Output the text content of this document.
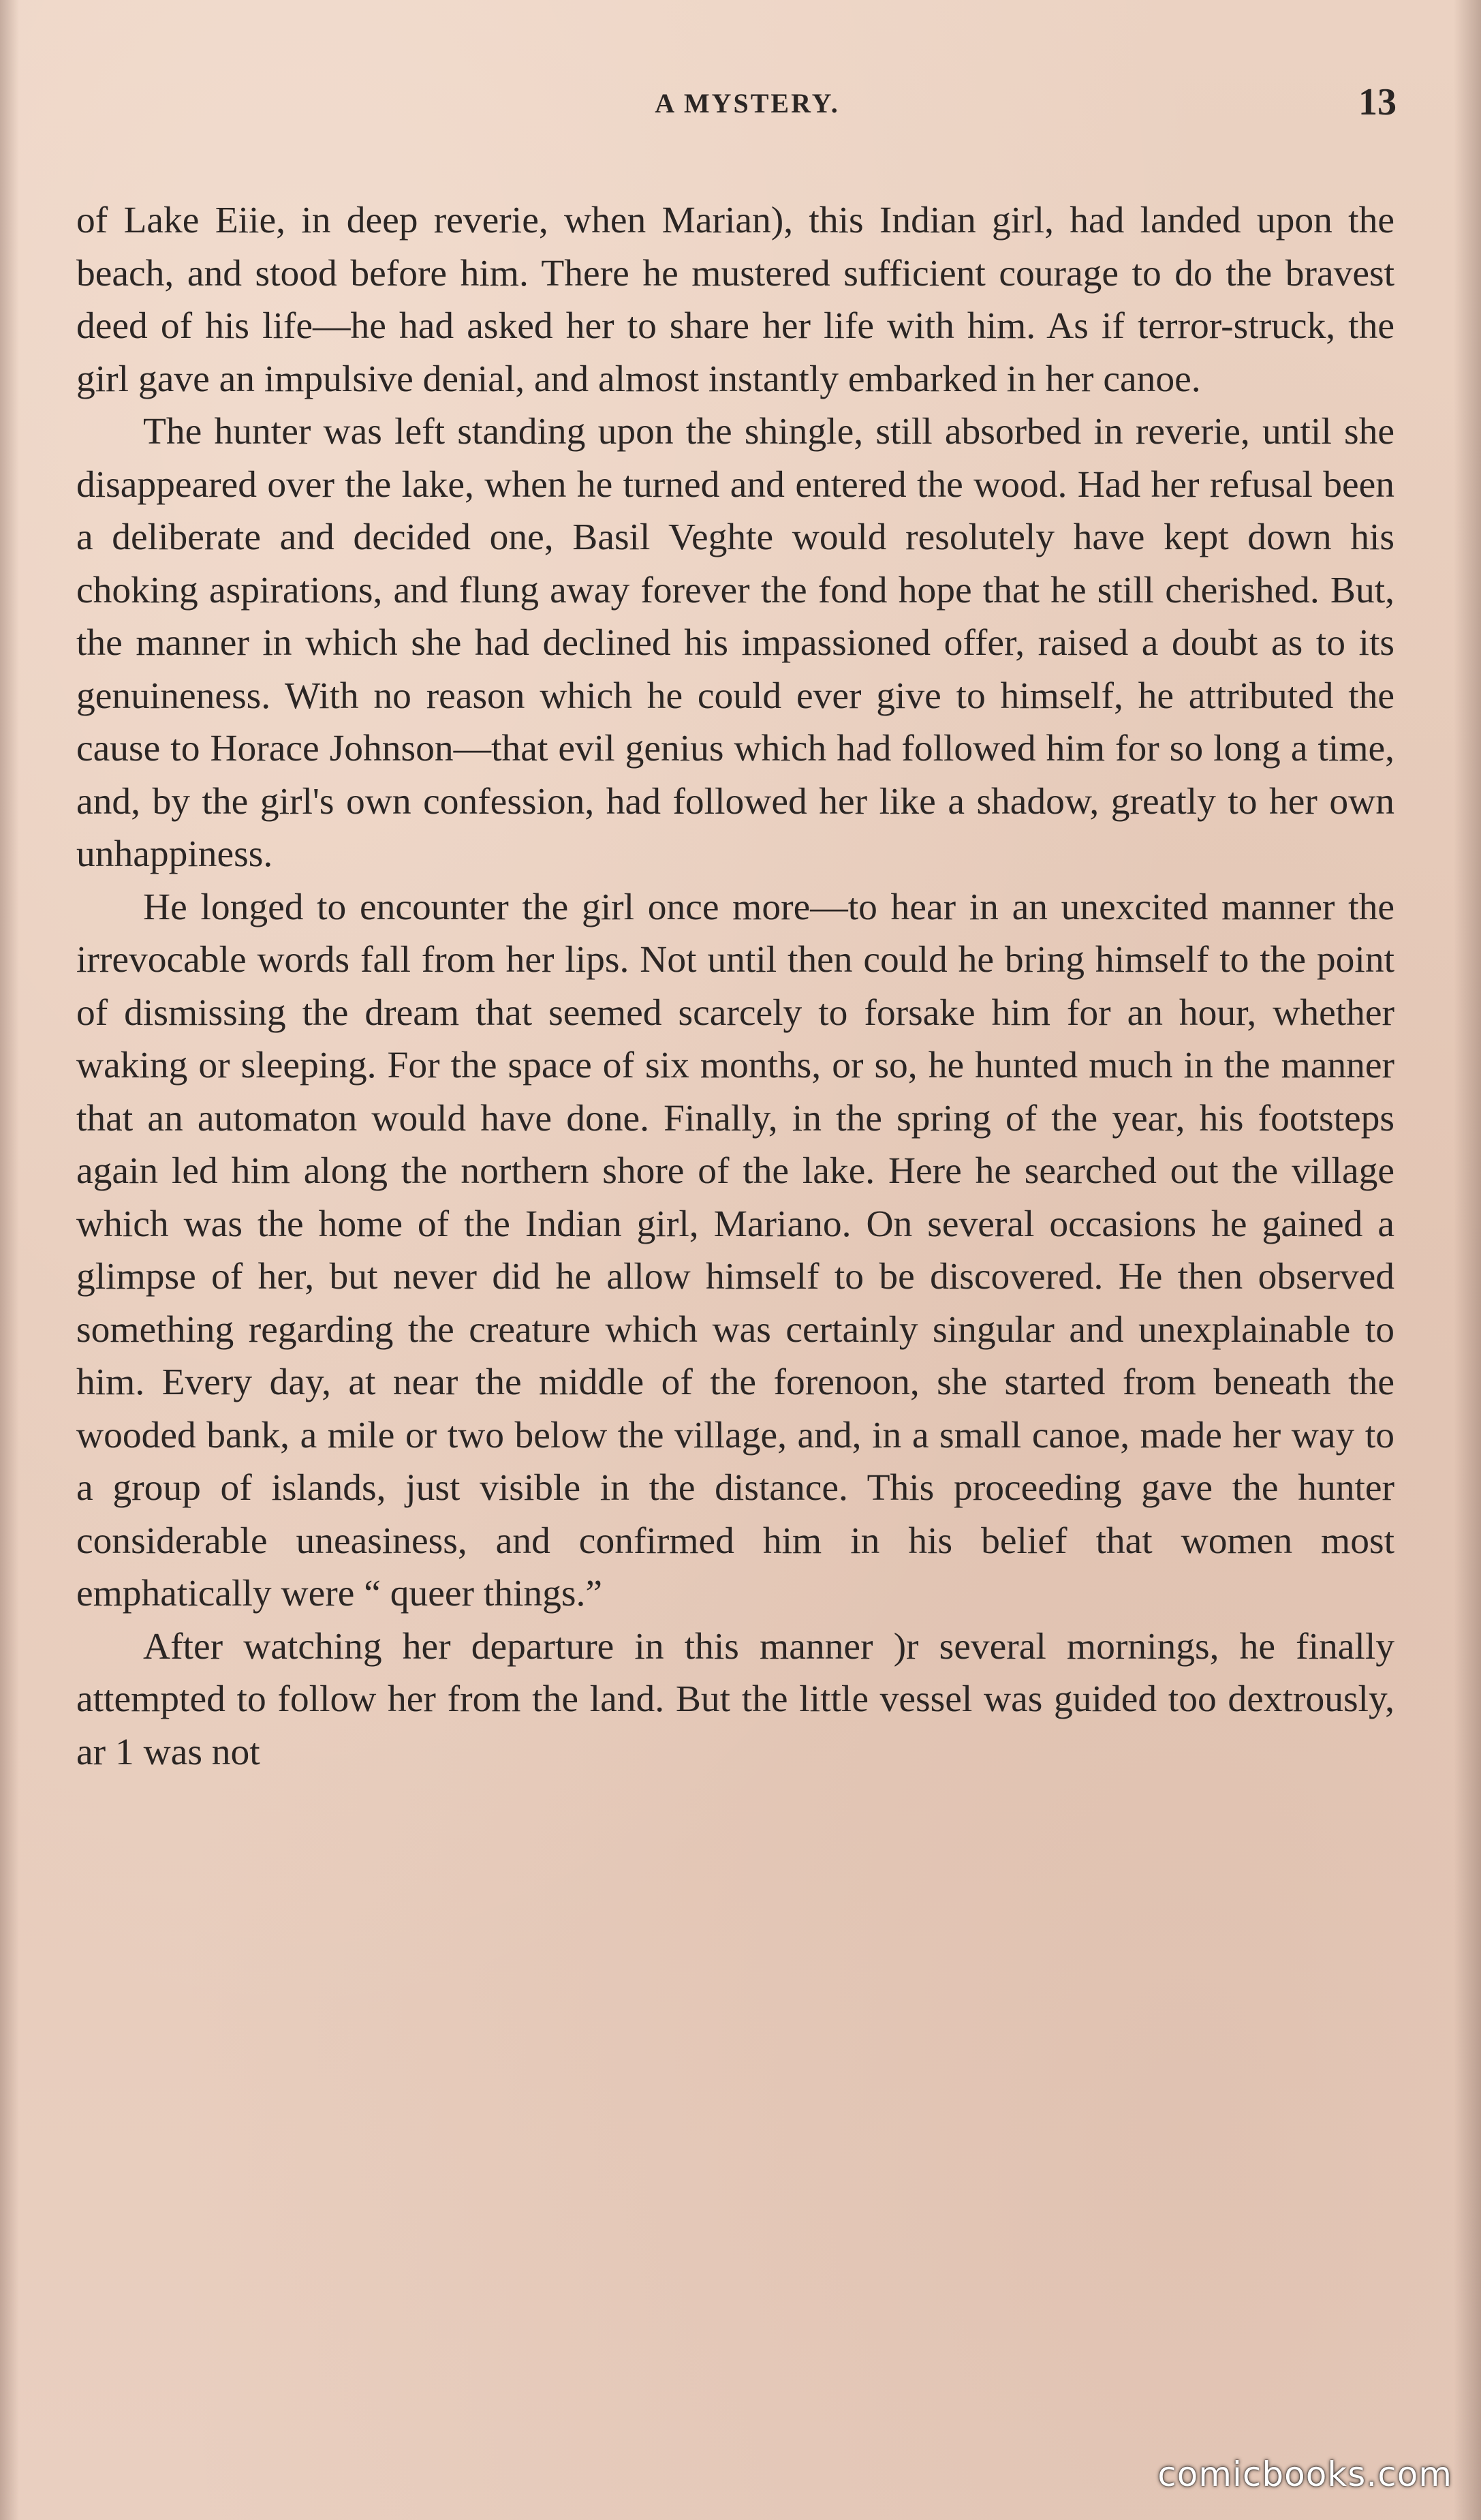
A MYSTERY.	13

of Lake Eiie, in deep reverie, when Marian), this Indian girl, had landed upon the beach, and stood before him. There he mustered sufficient courage to do the bravest deed of his life—he had asked her to share her life with him. As if terror-struck, the girl gave an impulsive denial, and almost instantly embarked in her canoe.

The hunter was left standing upon the shingle, still absorbed in reverie, until she disappeared over the lake, when he turned and entered the wood. Had her refusal been a deliberate and decided one, Basil Veghte would resolutely have kept down his choking aspirations, and flung away forever the fond hope that he still cherished. But, the manner in which she had declined his impassioned offer, raised a doubt as to its genuineness. With no reason which he could ever give to himself, he attributed the cause to Horace Johnson—that evil genius which had followed him for so long a time, and, by the girl's own confession, had followed her like a shadow, greatly to her own unhappiness.

He longed to encounter the girl once more—to hear in an unexcited manner the irrevocable words fall from her lips. Not until then could he bring himself to the point of dismissing the dream that seemed scarcely to forsake him for an hour, whether waking or sleeping. For the space of six months, or so, he hunted much in the manner that an automaton would have done. Finally, in the spring of the year, his footsteps again led him along the northern shore of the lake. Here he searched out the village which was the home of the Indian girl, Mariano. On several occasions he gained a glimpse of her, but never did he allow himself to be discovered. He then observed something regarding the creature which was certainly singular and unexplainable to him. Every day, at near the middle of the forenoon, she started from beneath the wooded bank, a mile or two below the village, and, in a small canoe, made her way to a group of islands, just visible in the distance. This proceeding gave the hunter considerable uneasiness, and confirmed him in his belief that women most emphatically were “ queer things.”

After watching her departure in this manner )r several mornings, he finally attempted to follow her from the land. But the little vessel was guided too dextrously, ar 1 was not

comicbooks.com
